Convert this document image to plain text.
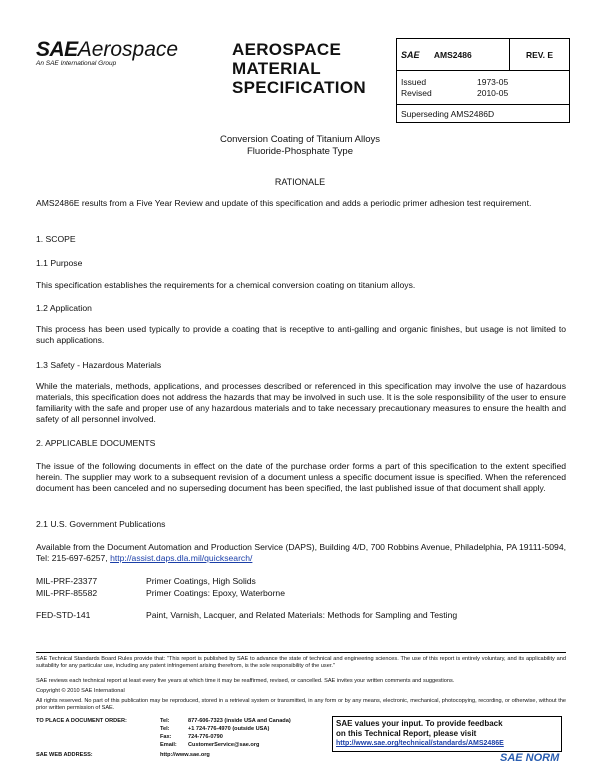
SAEAerospace
An SAE International Group
AEROSPACE
MATERIAL
SPECIFICATION
SAE AMS2486	REV. E

Issued	1973-05
Revised	2010-05

Superseding AMS2486D
Conversion Coating of Titanium Alloys
Fluoride-Phosphate Type
RATIONALE
AMS2486E results from a Five Year Review and update of this specification and adds a periodic primer adhesion test requirement.
1. SCOPE
1.1 Purpose
This specification establishes the requirements for a chemical conversion coating on titanium alloys.
1.2 Application
This process has been used typically to provide a coating that is receptive to anti-galling and organic finishes, but usage is not limited to such applications.
1.3 Safety - Hazardous Materials
While the materials, methods, applications, and processes described or referenced in this specification may involve the use of hazardous materials, this specification does not address the hazards that may be involved in such use. It is the sole responsibility of the user to ensure familiarity with the safe and proper use of any hazardous materials and to take necessary precautionary measures to ensure the health and safety of all personnel involved.
2. APPLICABLE DOCUMENTS
The issue of the following documents in effect on the date of the purchase order forms a part of this specification to the extent specified herein. The supplier may work to a subsequent revision of a document unless a specific document issue is specified. When the referenced document has been canceled and no superseding document has been specified, the last published issue of that document shall apply.
2.1 U.S. Government Publications
Available from the Document Automation and Production Service (DAPS), Building 4/D, 700 Robbins Avenue, Philadelphia, PA 19111-5094, Tel: 215-697-6257, http://assist.daps.dla.mil/quicksearch/
MIL-PRF-23377	Primer Coatings, High Solids
MIL-PRF-85582	Primer Coatings: Epoxy, Waterborne
FED-STD-141	Paint, Varnish, Lacquer, and Related Materials: Methods for Sampling and Testing
SAE Technical Standards Board Rules provide that: "This report is published by SAE to advance the state of technical and engineering sciences. The use of this report is entirely voluntary, and its applicability and suitability for any particular use, including any patent infringement arising therefrom, is the sole responsibility of the user."
SAE reviews each technical report at least every five years at which time it may be reaffirmed, revised, or cancelled. SAE invites your written comments and suggestions.
Copyright © 2010 SAE International
All rights reserved. No part of this publication may be reproduced, stored in a retrieval system or transmitted, in any form or by any means, electronic, mechanical, photocopying, recording, or otherwise, without the prior written permission of SAE.
TO PLACE A DOCUMENT ORDER:	Tel:	877-606-7323 (inside USA and Canada)
Tel:	+1 724-776-4970 (outside USA)
Fax:	724-776-0790
Email: CustomerService@sae.org
SAE WEB ADDRESS:	http://www.sae.org
SAE values your input. To provide feedback
on this Technical Report, please visit
http://www.sae.org/technical/standards/AMS2486E
SAE NORM
